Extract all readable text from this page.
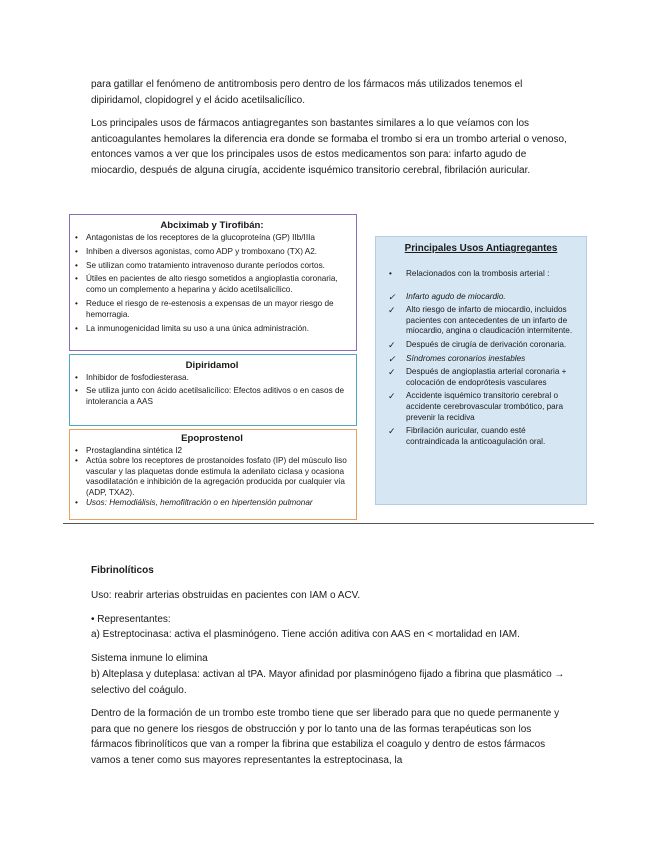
para gatillar el fenómeno de antitrombosis pero dentro de los fármacos más utilizados tenemos el dipiridamol, clopidogrel y el ácido acetilsalicílico.

Los principales usos de fármacos antiagregantes son bastantes similares a lo que veíamos con los anticoagulantes hemolares la diferencia era donde se formaba el trombo si era un trombo arterial o venoso, entonces vamos a ver que los principales usos de estos medicamentos son para: infarto agudo de miocardio, después de alguna cirugía, accidente isquémico transitorio cerebral, fibrilación auricular.

Abciximab y Tirofibán:
• Antagonistas de los receptores de la glucoproteína (GP) IIb/IIIa
• Inhiben a diversos agonistas, como ADP y tromboxano (TX) A2.
• Se utilizan como tratamiento intravenoso durante períodos cortos.
• Útiles en pacientes de alto riesgo sometidos a angioplastia coronaria, como un complemento a heparina y ácido acetilsalicílico.
• Reduce el riesgo de re-estenosis a expensas de un mayor riesgo de hemorragia.
• La inmunogenicidad limita su uso a una única administración.
Dipiridamol
• Inhibidor de fosfodiesterasa.
• Se utiliza junto con ácido acetilsalicílico: Efectos aditivos o en casos de intolerancia a AAS
Epoprostenol
• Prostaglandina sintética I2
• Actúa sobre los receptores de prostanoides fosfato (IP) del músculo liso vascular y las plaquetas donde estimula la adenilato ciclasa y ocasiona vasodilatación e inhibición de la agregación producida por cualquier vía (ADP, TXA2).
• Usos: Hemodiálisis, hemofiltración o en hipertensión pulmonar
Principales Usos Antiagregantes
• Relacionados con la trombosis arterial :
✓ Infarto agudo de miocardio.
✓ Alto riesgo de infarto de miocardio, incluidos pacientes con antecedentes de un infarto de miocardio, angina o claudicación intermitente.
✓ Después de cirugía de derivación coronaria.
✓ Síndromes coronarios inestables
✓ Después de angioplastia arterial coronaria + colocación de endoprótesis vasculares
✓ Accidente isquémico transitorio cerebral o accidente cerebrovascular trombótico, para prevenir la recidiva
✓ Fibrilación auricular, cuando esté contraindicada la anticoagulación oral.

Fibrinolíticos

Uso: reabrir arterias obstruidas en pacientes con IAM o ACV.

• Representantes:

a) Estreptocinasa: activa el plasminógeno. Tiene acción aditiva con AAS en < mortalidad en IAM.

Sistema inmune lo elimina

b) Alteplasa y duteplasa: activan al tPA. Mayor afinidad por plasminógeno fijado a fibrina que plasmático → selectivo del coágulo.

Dentro de la formación de un trombo este trombo tiene que ser liberado para que no quede permanente y para que no genere los riesgos de obstrucción y por lo tanto una de las formas terapéuticas son los fármacos fibrinolíticos que van a romper la fibrina que estabiliza el coagulo y dentro de estos fármacos vamos a tener como sus mayores representantes la estreptocinasa, la
